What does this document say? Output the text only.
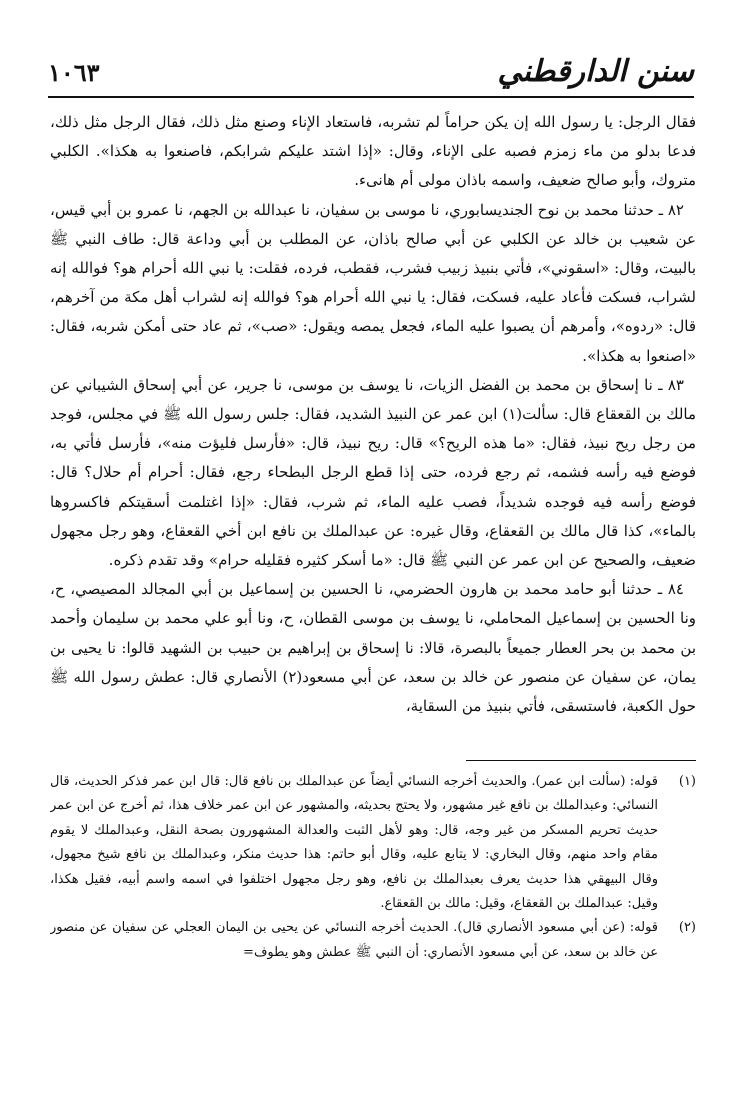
سنن الدارقطني
١٠٦٣

فقال الرجل: يا رسول الله إن يكن حراماً لم تشربه، فاستعاد الإناء وصنع مثل ذلك، فقال الرجل مثل ذلك، فدعا بدلو من ماء زمزم فصبه على الإناء، وقال: «إذا اشتد عليكم شرابكم، فاصنعوا به هكذا». الكلبي متروك، وأبو صالح ضعيف، واسمه باذان مولى أم هانىء.

٨٢ ـ حدثنا محمد بن نوح الجنديسابوري، نا موسى بن سفيان، نا عبدالله بن الجهم، نا عمرو بن أبي قيس، عن شعيب بن خالد عن الكلبي عن أبي صالح باذان، عن المطلب بن أبي وداعة قال: طاف النبي ﷺ بالبيت، وقال: «اسقوني»، فأتي بنبيذ زبيب فشرب، فقطب، فرده، فقلت: يا نبي الله أحرام هو؟ فوالله إنه لشراب، فسكت فأعاد عليه، فسكت، فقال: يا نبي الله أحرام هو؟ فوالله إنه لشراب أهل مكة من آخرهم، قال: «ردوه»، وأمرهم أن يصبوا عليه الماء، فجعل يمصه ويقول: «صب»، ثم عاد حتى أمكن شربه، فقال: «اصنعوا به هكذا».

٨٣ ـ نا إسحاق بن محمد بن الفضل الزيات، نا يوسف بن موسى، نا جرير، عن أبي إسحاق الشيباني عن مالك بن القعقاع قال: سألت(١) ابن عمر عن النبيذ الشديد، فقال: جلس رسول الله ﷺ في مجلس، فوجد من رجل ريح نبيذ، فقال: «ما هذه الريح؟» قال: ريح نبيذ، قال: «فأرسل فليؤت منه»، فأرسل فأتي به، فوضع فيه رأسه فشمه، ثم رجع فرده، حتى إذا قطع الرجل البطحاء رجع، فقال: أحرام أم حلال؟ قال: فوضع رأسه فيه فوجده شديداً، فصب عليه الماء، ثم شرب، فقال: «إذا اغتلمت أسقيتكم فاكسروها بالماء»، كذا قال مالك بن القعقاع، وقال غيره: عن عبدالملك بن نافع ابن أخي القعقاع، وهو رجل مجهول ضعيف، والصحيح عن ابن عمر عن النبي ﷺ قال: «ما أسكر كثيره فقليله حرام» وقد تقدم ذكره.

٨٤ ـ حدثنا أبو حامد محمد بن هارون الحضرمي، نا الحسين بن إسماعيل بن أبي المجالد المصيصي، ح، ونا الحسين بن إسماعيل المحاملي، نا يوسف بن موسى القطان، ح، ونا أبو علي محمد بن سليمان وأحمد بن محمد بن بحر العطار جميعاً بالبصرة، قالا: نا إسحاق بن إبراهيم بن حبيب بن الشهيد قالوا: نا يحيى بن يمان، عن سفيان عن منصور عن خالد بن سعد، عن أبي مسعود(٢) الأنصاري قال: عطش رسول الله ﷺ حول الكعبة، فاستسقى، فأتي بنبيذ من السقاية،

(١)
قوله: (سألت ابن عمر). والحديث أخرجه النسائي أيضاً عن عبدالملك بن نافع قال: قال ابن عمر فذكر الحديث، قال النسائي: وعبدالملك بن نافع غير مشهور، ولا يحتج بحديثه، والمشهور عن ابن عمر خلاف هذا، ثم أخرج عن ابن عمر حديث تحريم المسكر من غير وجه، قال: وهو لأهل الثبت والعدالة المشهورون بصحة النقل، وعبدالملك لا يقوم مقام واحد منهم، وقال البخاري: لا يتابع عليه، وقال أبو حاتم: هذا حديث منكر، وعبدالملك بن نافع شيخ مجهول، وقال البيهقي هذا حديث يعرف بعبدالملك بن نافع، وهو رجل مجهول اختلفوا في اسمه واسم أبيه، فقيل هكذا، وقيل: عبدالملك بن القعقاع، وقيل: مالك بن القعقاع.
(٢)
قوله: (عن أبي مسعود الأنصاري قال). الحديث أخرجه النسائي عن يحيى بن اليمان العجلي عن سفيان عن منصور عن خالد بن سعد، عن أبي مسعود الأنصاري: أن النبي ﷺ عطش وهو يطوف=
